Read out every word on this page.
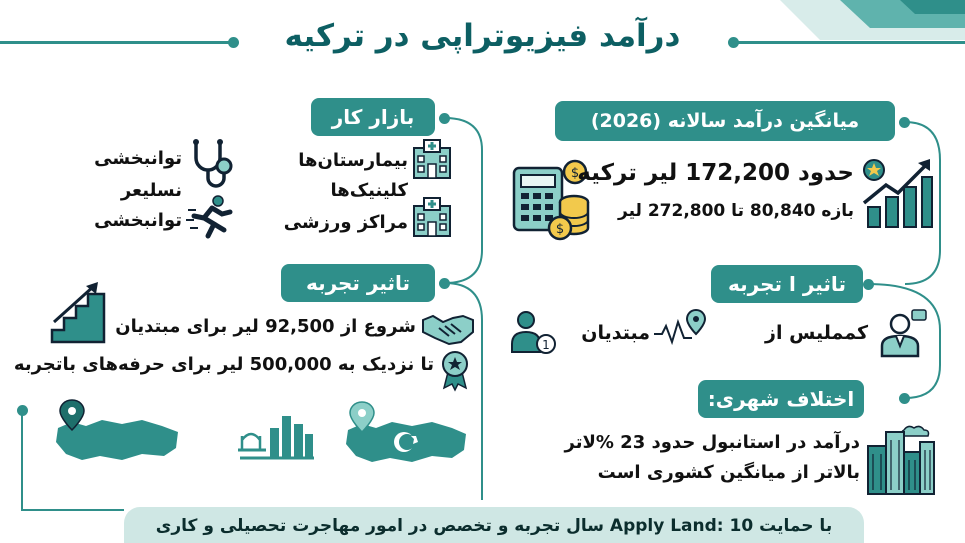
درآمد فیزیوتراپی در ترکیه
میانگین درآمد سالانه (2026)
$
$
حدود 172,200 لیر ترکیه
بازه 80,840 تا 272,800 لیر
بازار کار
بیمارستان‌ها
کلینیک‌ها
مراکز ورزشی
توانبخشی
نسلیعر
توانبخشی
تاثیر تجربه
شروع از 92,500 لیر برای مبتدیان
تا نزدیک به 500,000 لیر برای حرفه‌های باتجربه
تاثیر ا تجربه
کمملیس از
مبتدیان
1
اختلاف شهری:
درآمد در استانبول حدود 23 %لاتر
بالاتر از میانگین کشوری است
با حمایت Apply Land: 10 سال تجربه و تخصص در امور مهاجرت تحصیلی و کاری
